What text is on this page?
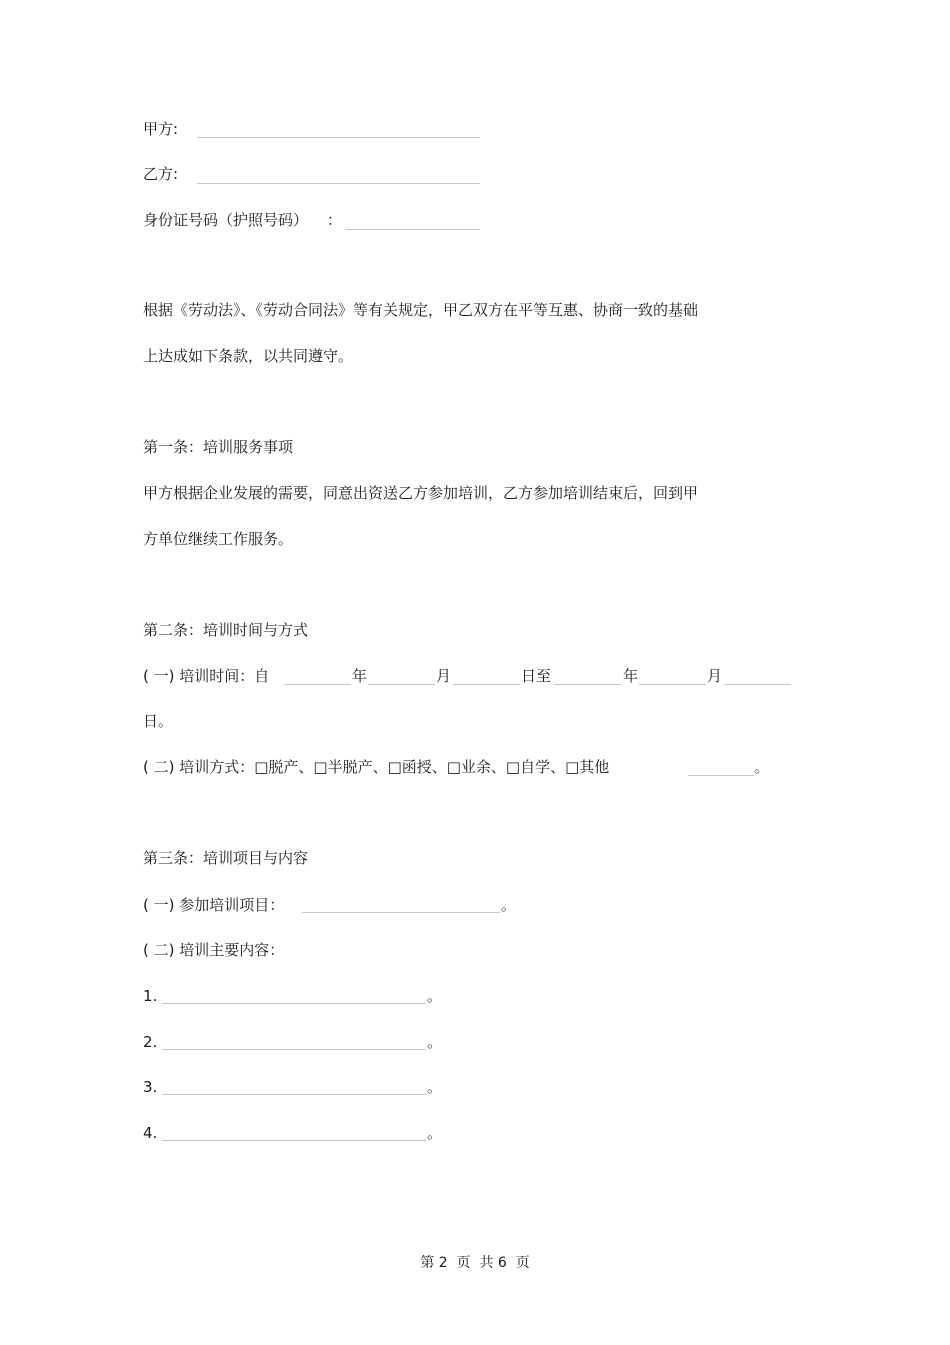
甲方:
乙方:
身份证号码（护照号码） ：
根据《劳动法》、《劳动合同法》等有关规定，甲乙双方在平等互惠、协商一致的基础
上达成如下条款，以共同遵守。
第一条：培训服务事项
甲方根据企业发展的需要，同意出资送乙方参加培训，乙方参加培训结束后，回到甲
方单位继续工作服务。
第二条：培训时间与方式
( 一) 培训时间：自	年	月	日至	年	月
日。
( 二) 培训方式：□脱产、□半脱产、□函授、□业余、□自学、□其他	。
第三条：培训项目与内容
( 一) 参加培训项目：	。
( 二) 培训主要内容：
1.	。
2.	。
3.	。
4.	。
第 2  页  共 6  页
